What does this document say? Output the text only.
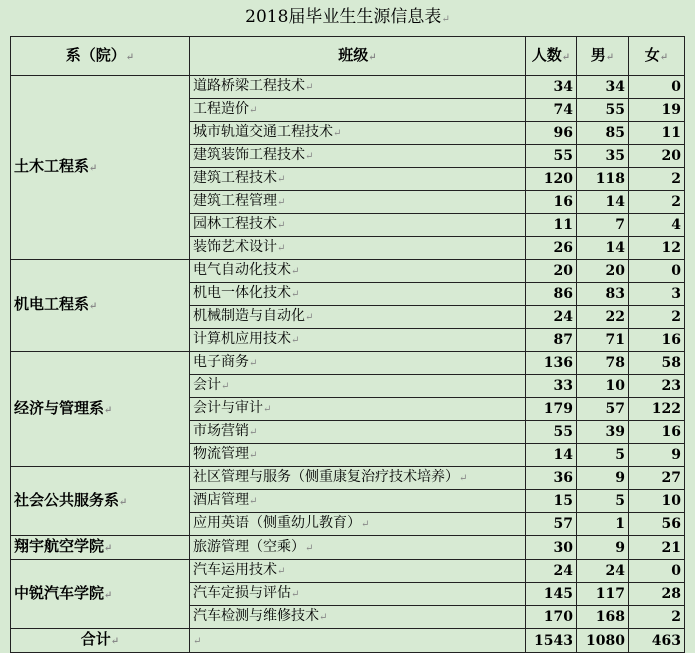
2018届毕业生生源信息表↵
系（院）↵	班级↵	人数↵	男↵	女↵
土木工程系↵	道路桥梁工程技术↵	34	34	0
	工程造价↵	74	55	19
	城市轨道交通工程技术↵	96	85	11
	建筑装饰工程技术↵	55	35	20
	建筑工程技术↵	120	118	2
	建筑工程管理↵	16	14	2
	园林工程技术↵	11	7	4
	装饰艺术设计↵	26	14	12
机电工程系↵	电气自动化技术↵	20	20	0
	机电一体化技术↵	86	83	3
	机械制造与自动化↵	24	22	2
	计算机应用技术↵	87	71	16
经济与管理系↵	电子商务↵	136	78	58
	会计↵	33	10	23
	会计与审计↵	179	57	122
	市场营销↵	55	39	16
	物流管理↵	14	5	9
社会公共服务系↵	社区管理与服务（侧重康复治疗技术培养）↵	36	9	27
	酒店管理↵	15	5	10
	应用英语（侧重幼儿教育）↵	57	1	56
翔宇航空学院↵	旅游管理（空乘）↵	30	9	21
中锐汽车学院↵	汽车运用技术↵	24	24	0
	汽车定损与评估↵	145	117	28
	汽车检测与维修技术↵	170	168	2
合计↵	↵	1543	1080	463
